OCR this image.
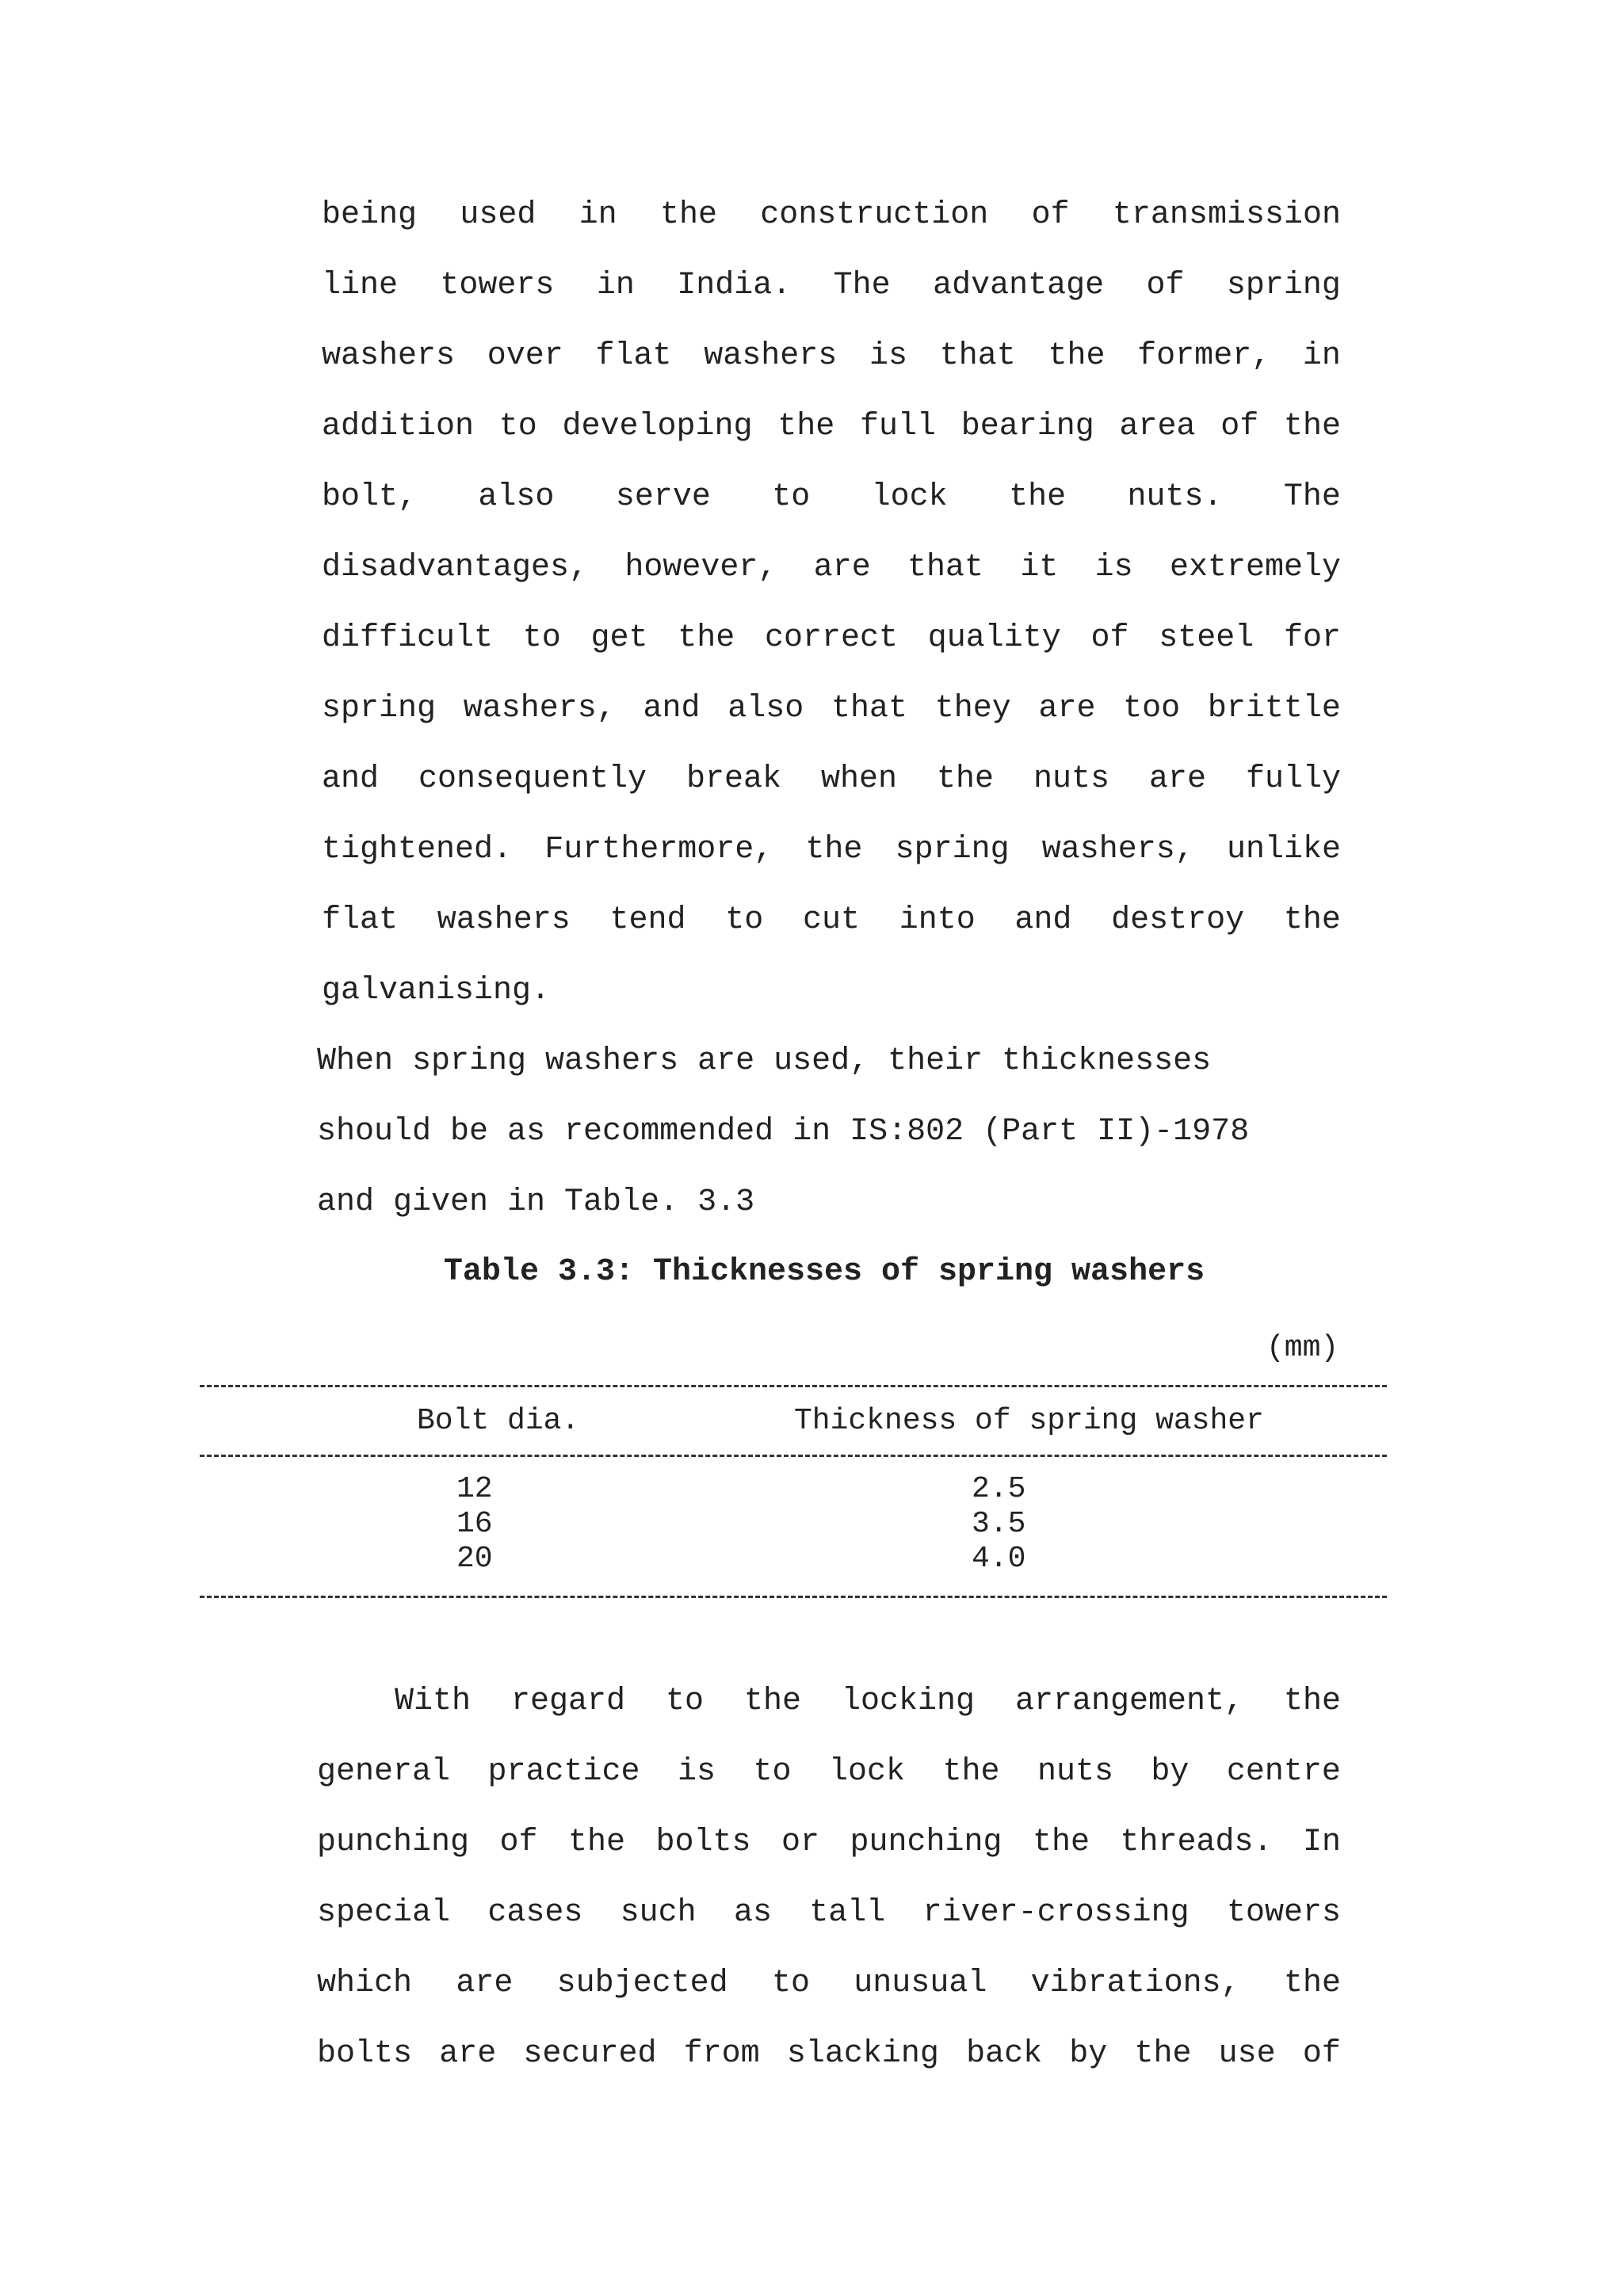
being used in the construction of transmission
line towers in India. The advantage of spring
washers over flat washers is that the former, in
addition to developing the full bearing area of the
bolt, also serve to lock the nuts. The
disadvantages, however, are that it is extremely
difficult to get the correct quality of steel for
spring washers, and also that they are too brittle
and consequently break when the nuts are fully
tightened. Furthermore, the spring washers, unlike
flat washers tend to cut into and destroy the
galvanising.
When spring washers are used, their thicknesses
should be as recommended in IS:802 (Part II)-1978
and given in Table. 3.3
Table 3.3: Thicknesses of spring washers
(mm)
Bolt dia.	Thickness of spring washer
12	2.5
16	3.5
20	4.0
With regard to the locking arrangement, the
general practice is to lock the nuts by centre
punching of the bolts or punching the threads. In
special cases such as tall river-crossing towers
which are subjected to unusual vibrations, the
bolts are secured from slacking back by the use of
